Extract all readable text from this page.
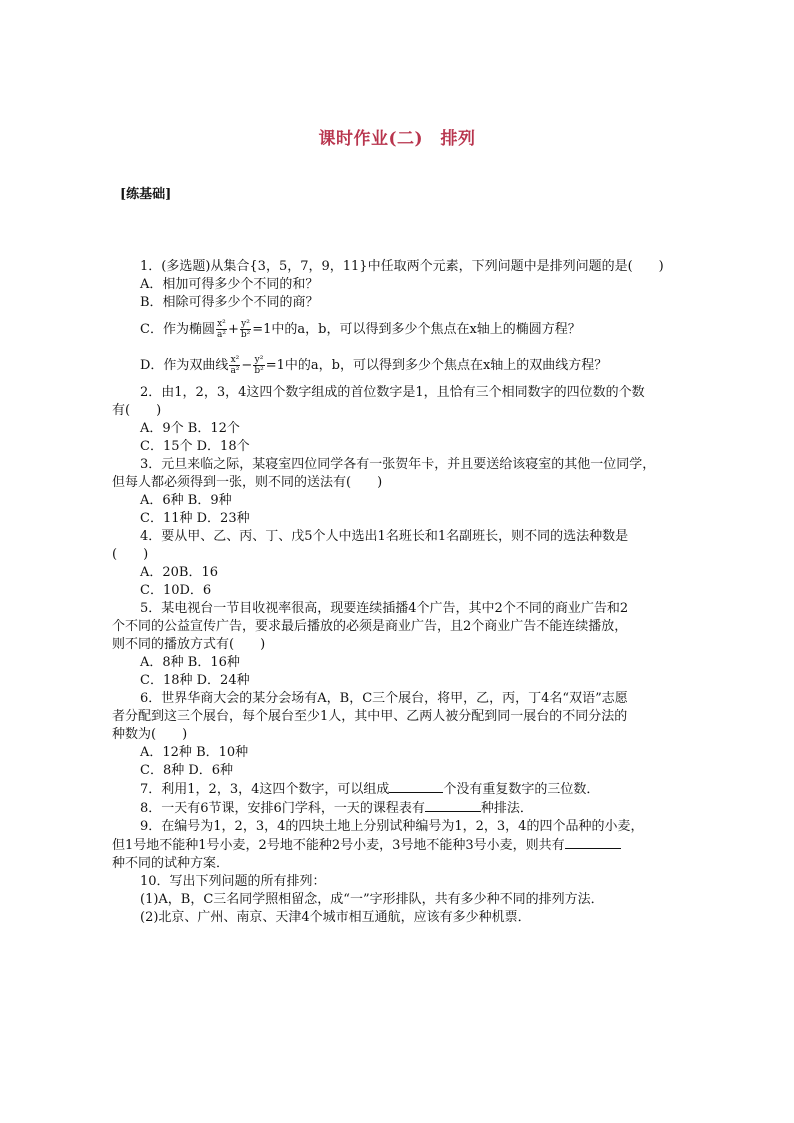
课时作业(二)　排列
[练基础]
1．(多选题)从集合{3，5，7，9，11}中任取两个元素，下列问题中是排列问题的是(　　)
A．相加可得多少个不同的和？
B．相除可得多少个不同的商？
C．作为椭圆 $\frac{\text{x²}}{\text{a²}} + \frac{\text{y²}}{\text{b²}} =1$中的a，b，可以得到多少个焦点在x轴上的椭圆方程？
D．作为双曲线 $\frac{\text{x²}}{\text{a²}} - \frac{\text{y²}}{\text{b²}} =1$中的a，b，可以得到多少个焦点在x轴上的双曲线方程？
2．由1，2，3，4这四个数字组成的首位数字是1，且恰有三个相同数字的四位数的个数
有(　　)
A．9个 B．12个
C．15个 D．18个
3．元旦来临之际，某寝室四位同学各有一张贺年卡，并且要送给该寝室的其他一位同学，
但每人都必须得到一张，则不同的送法有(　　)
A．6种 B．9种
C．11种 D．23种
4．要从甲、乙、丙、丁、戊5个人中选出1名班长和1名副班长，则不同的选法种数是
(　　)
A．20B．16
C．10D．6
5．某电视台一节目收视率很高，现要连续插播4个广告，其中2个不同的商业广告和2
个不同的公益宣传广告，要求最后播放的必须是商业广告，且2个商业广告不能连续播放，
则不同的播放方式有(　　)
A．8种 B．16种
C．18种 D．24种
6．世界华商大会的某分会场有A，B，C三个展台，将甲，乙，丙，丁4名“双语”志愿
者分配到这三个展台，每个展台至少1人，其中甲、乙两人被分配到同一展台的不同分法的
种数为(　　)
A．12种 B．10种
C．8种 D．6种
7．利用1，2，3，4这四个数字，可以组成	个没有重复数字的三位数．
8．一天有6节课，安排6门学科，一天的课程表有	种排法．
9．在编号为1，2，3，4的四块土地上分别试种编号为1，2，3，4的四个品种的小麦，
但1号地不能种1号小麦，2号地不能种2号小麦，3号地不能种3号小麦，则共有
种不同的试种方案．
10．写出下列问题的所有排列：
(1)A，B，C三名同学照相留念，成“一”字形排队，共有多少种不同的排列方法．
(2)北京、广州、南京、天津4个城市相互通航，应该有多少种机票．
